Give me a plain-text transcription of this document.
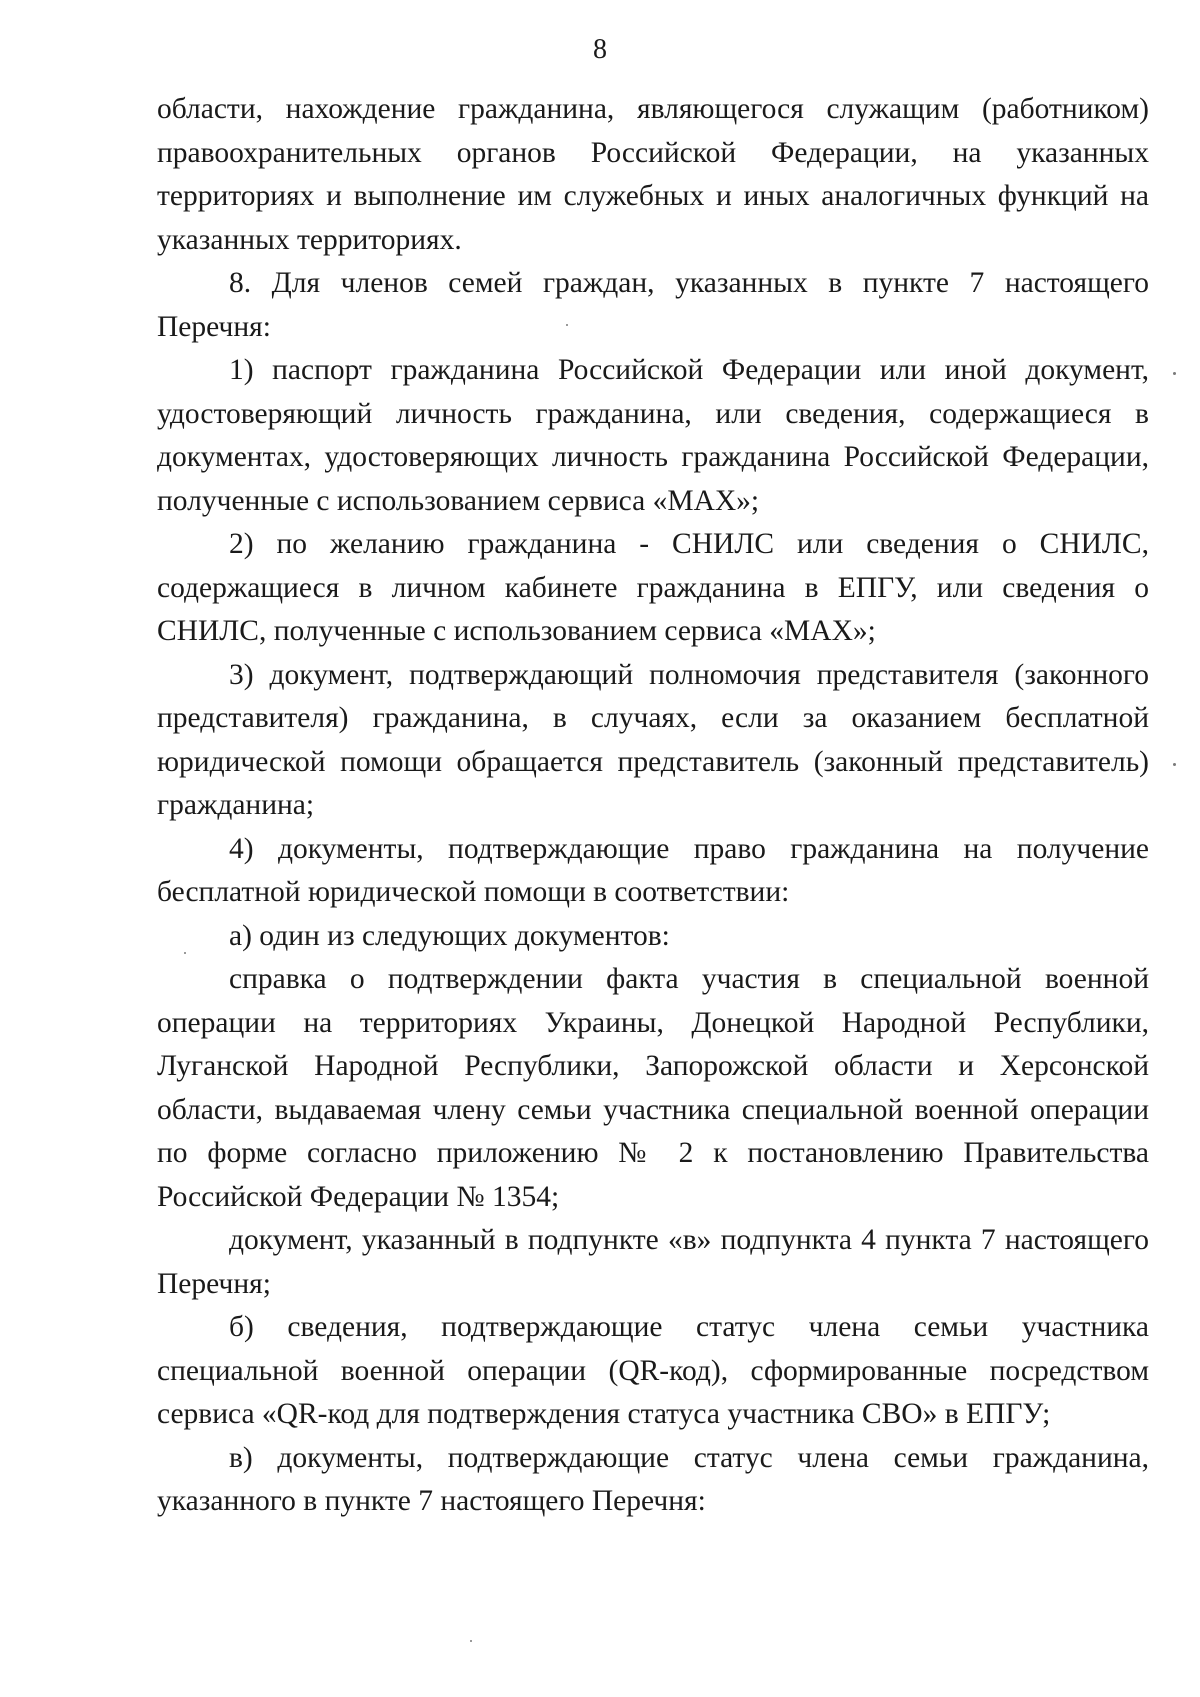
8

области, нахождение гражданина, являющегося служащим (работником) правоохранительных органов Российской Федерации, на указанных территориях и выполнение им служебных и иных аналогичных функций на указанных территориях.

8. Для членов семей граждан, указанных в пункте 7 настоящего Перечня:

1) паспорт гражданина Российской Федерации или иной документ, удостоверяющий личность гражданина, или сведения, содержащиеся в документах, удостоверяющих личность гражданина Российской Федерации, полученные с использованием сервиса «МАХ»;

2) по желанию гражданина - СНИЛС или сведения о СНИЛС, содержащиеся в личном кабинете гражданина в ЕПГУ, или сведения о СНИЛС, полученные с использованием сервиса «МАХ»;

3) документ, подтверждающий полномочия представителя (законного представителя) гражданина, в случаях, если за оказанием бесплатной юридической помощи обращается представитель (законный представитель) гражданина;

4) документы, подтверждающие право гражданина на получение бесплатной юридической помощи в соответствии:

а) один из следующих документов:

справка о подтверждении факта участия в специальной военной операции на территориях Украины, Донецкой Народной Республики, Луганской Народной Республики, Запорожской области и Херсонской области, выдаваемая члену семьи участника специальной военной операции по форме согласно приложению № 2 к постановлению Правительства Российской Федерации № 1354;

документ, указанный в подпункте «в» подпункта 4 пункта 7 настоящего Перечня;

б) сведения, подтверждающие статус члена семьи участника специальной военной операции (QR-код), сформированные посредством сервиса «QR-код для подтверждения статуса участника СВО» в ЕПГУ;

в) документы, подтверждающие статус члена семьи гражданина, указанного в пункте 7 настоящего Перечня:
